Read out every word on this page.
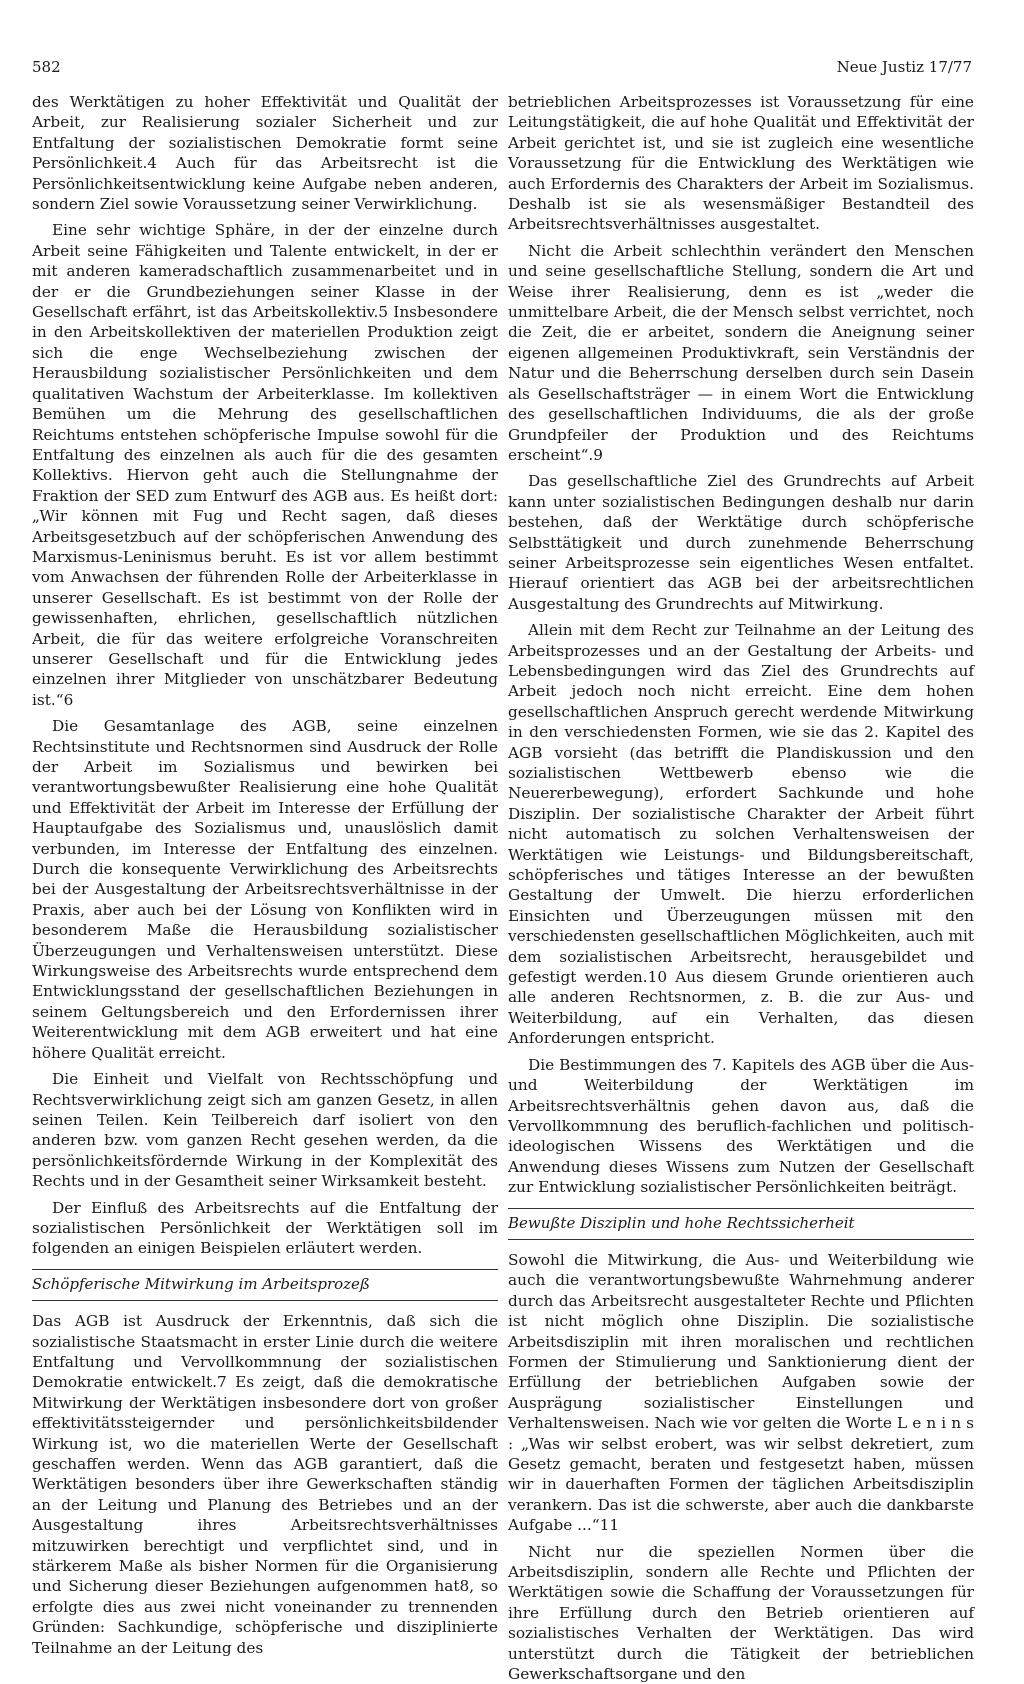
582	Neue Justiz 17/77

des Werktätigen zu hoher Effektivität und Qualität der Arbeit, zur Realisierung sozialer Sicherheit und zur Entfaltung der sozialistischen Demokratie formt seine Persönlichkeit.4 Auch für das Arbeitsrecht ist die Persönlichkeitsentwicklung keine Aufgabe neben anderen, sondern Ziel sowie Voraussetzung seiner Verwirklichung.

Eine sehr wichtige Sphäre, in der der einzelne durch Arbeit seine Fähigkeiten und Talente entwickelt, in der er mit anderen kameradschaftlich zusammenarbeitet und in der er die Grundbeziehungen seiner Klasse in der Gesellschaft erfährt, ist das Arbeitskollektiv.5 Insbesondere in den Arbeitskollektiven der materiellen Produktion zeigt sich die enge Wechselbeziehung zwischen der Herausbildung sozialistischer Persönlichkeiten und dem qualitativen Wachstum der Arbeiterklasse. Im kollektiven Bemühen um die Mehrung des gesellschaftlichen Reichtums entstehen schöpferische Impulse sowohl für die Entfaltung des einzelnen als auch für die des gesamten Kollektivs. Hiervon geht auch die Stellungnahme der Fraktion der SED zum Entwurf des AGB aus. Es heißt dort: „Wir können mit Fug und Recht sagen, daß dieses Arbeitsgesetzbuch auf der schöpferischen Anwendung des Marxismus-Leninismus beruht. Es ist vor allem bestimmt vom Anwachsen der führenden Rolle der Arbeiterklasse in unserer Gesellschaft. Es ist bestimmt von der Rolle der gewissenhaften, ehrlichen, gesellschaftlich nützlichen Arbeit, die für das weitere erfolgreiche Voranschreiten unserer Gesellschaft und für die Entwicklung jedes einzelnen ihrer Mitglieder von unschätzbarer Bedeutung ist.“6

Die Gesamtanlage des AGB, seine einzelnen Rechtsinstitute und Rechtsnormen sind Ausdruck der Rolle der Arbeit im Sozialismus und bewirken bei verantwortungsbewußter Realisierung eine hohe Qualität und Effektivität der Arbeit im Interesse der Erfüllung der Hauptaufgabe des Sozialismus und, unauslöslich damit verbunden, im Interesse der Entfaltung des einzelnen. Durch die konsequente Verwirklichung des Arbeitsrechts bei der Ausgestaltung der Arbeitsrechtsverhältnisse in der Praxis, aber auch bei der Lösung von Konflikten wird in besonderem Maße die Herausbildung sozialistischer Überzeugungen und Verhaltensweisen unterstützt. Diese Wirkungsweise des Arbeitsrechts wurde entsprechend dem Entwicklungsstand der gesellschaftlichen Beziehungen in seinem Geltungsbereich und den Erfordernissen ihrer Weiterentwicklung mit dem AGB erweitert und hat eine höhere Qualität erreicht.

Die Einheit und Vielfalt von Rechtsschöpfung und Rechtsverwirklichung zeigt sich am ganzen Gesetz, in allen seinen Teilen. Kein Teilbereich darf isoliert von den anderen bzw. vom ganzen Recht gesehen werden, da die persönlichkeitsfördernde Wirkung in der Komplexität des Rechts und in der Gesamtheit seiner Wirksamkeit besteht.

Der Einfluß des Arbeitsrechts auf die Entfaltung der sozialistischen Persönlichkeit der Werktätigen soll im folgenden an einigen Beispielen erläutert werden.

Schöpferische Mitwirkung im Arbeitsprozeß

Das AGB ist Ausdruck der Erkenntnis, daß sich die sozialistische Staatsmacht in erster Linie durch die weitere Entfaltung und Vervollkommnung der sozialistischen Demokratie entwickelt.7 Es zeigt, daß die demokratische Mitwirkung der Werktätigen insbesondere dort von großer effektivitätssteigernder und persönlichkeitsbildender Wirkung ist, wo die materiellen Werte der Gesellschaft geschaffen werden. Wenn das AGB garantiert, daß die Werktätigen besonders über ihre Gewerkschaften ständig an der Leitung und Planung des Betriebes und an der Ausgestaltung ihres Arbeitsrechtsverhältnisses mitzuwirken berechtigt und verpflichtet sind, und in stärkerem Maße als bisher Normen für die Organisierung und Sicherung dieser Beziehungen aufgenommen hat8, so erfolgte dies aus zwei nicht voneinander zu trennenden Gründen: Sachkundige, schöpferische und disziplinierte Teilnahme an der Leitung des

betrieblichen Arbeitsprozesses ist Voraussetzung für eine Leitungstätigkeit, die auf hohe Qualität und Effektivität der Arbeit gerichtet ist, und sie ist zugleich eine wesentliche Voraussetzung für die Entwicklung des Werktätigen wie auch Erfordernis des Charakters der Arbeit im Sozialismus. Deshalb ist sie als wesensmäßiger Bestandteil des Arbeitsrechtsverhältnisses ausgestaltet.

Nicht die Arbeit schlechthin verändert den Menschen und seine gesellschaftliche Stellung, sondern die Art und Weise ihrer Realisierung, denn es ist „weder die unmittelbare Arbeit, die der Mensch selbst verrichtet, noch die Zeit, die er arbeitet, sondern die Aneignung seiner eigenen allgemeinen Produktivkraft, sein Verständnis der Natur und die Beherrschung derselben durch sein Dasein als Gesellschaftsträger — in einem Wort die Entwicklung des gesellschaftlichen Individuums, die als der große Grundpfeiler der Produktion und des Reichtums erscheint“.9

Das gesellschaftliche Ziel des Grundrechts auf Arbeit kann unter sozialistischen Bedingungen deshalb nur darin bestehen, daß der Werktätige durch schöpferische Selbsttätigkeit und durch zunehmende Beherrschung seiner Arbeitsprozesse sein eigentliches Wesen entfaltet. Hierauf orientiert das AGB bei der arbeitsrechtlichen Ausgestaltung des Grundrechts auf Mitwirkung.

Allein mit dem Recht zur Teilnahme an der Leitung des Arbeitsprozesses und an der Gestaltung der Arbeits- und Lebensbedingungen wird das Ziel des Grundrechts auf Arbeit jedoch noch nicht erreicht. Eine dem hohen gesellschaftlichen Anspruch gerecht werdende Mitwirkung in den verschiedensten Formen, wie sie das 2. Kapitel des AGB vorsieht (das betrifft die Plandiskussion und den sozialistischen Wettbewerb ebenso wie die Neuererbewegung), erfordert Sachkunde und hohe Disziplin. Der sozialistische Charakter der Arbeit führt nicht automatisch zu solchen Verhaltensweisen der Werktätigen wie Leistungs- und Bildungsbereitschaft, schöpferisches und tätiges Interesse an der bewußten Gestaltung der Umwelt. Die hierzu erforderlichen Einsichten und Überzeugungen müssen mit den verschiedensten gesellschaftlichen Möglichkeiten, auch mit dem sozialistischen Arbeitsrecht, herausgebildet und gefestigt werden.10 Aus diesem Grunde orientieren auch alle anderen Rechtsnormen, z. B. die zur Aus- und Weiterbildung, auf ein Verhalten, das diesen Anforderungen entspricht.

Die Bestimmungen des 7. Kapitels des AGB über die Aus- und Weiterbildung der Werktätigen im Arbeitsrechtsverhältnis gehen davon aus, daß die Vervollkommnung des beruflich-fachlichen und politisch-ideologischen Wissens des Werktätigen und die Anwendung dieses Wissens zum Nutzen der Gesellschaft zur Entwicklung sozialistischer Persönlichkeiten beiträgt.

Bewußte Disziplin und hohe Rechtssicherheit

Sowohl die Mitwirkung, die Aus- und Weiterbildung wie auch die verantwortungsbewußte Wahrnehmung anderer durch das Arbeitsrecht ausgestalteter Rechte und Pflichten ist nicht möglich ohne Disziplin. Die sozialistische Arbeitsdisziplin mit ihren moralischen und rechtlichen Formen der Stimulierung und Sanktionierung dient der Erfüllung der betrieblichen Aufgaben sowie der Ausprägung sozialistischer Einstellungen und Verhaltensweisen. Nach wie vor gelten die Worte L e n i n s : „Was wir selbst erobert, was wir selbst dekretiert, zum Gesetz gemacht, beraten und festgesetzt haben, müssen wir in dauerhaften Formen der täglichen Arbeitsdisziplin verankern. Das ist die schwerste, aber auch die dankbarste Aufgabe ...“11

Nicht nur die speziellen Normen über die Arbeitsdisziplin, sondern alle Rechte und Pflichten der Werktätigen sowie die Schaffung der Voraussetzungen für ihre Erfüllung durch den Betrieb orientieren auf sozialistisches Verhalten der Werktätigen. Das wird unterstützt durch die Tätigkeit der betrieblichen Gewerkschaftsorgane und den
